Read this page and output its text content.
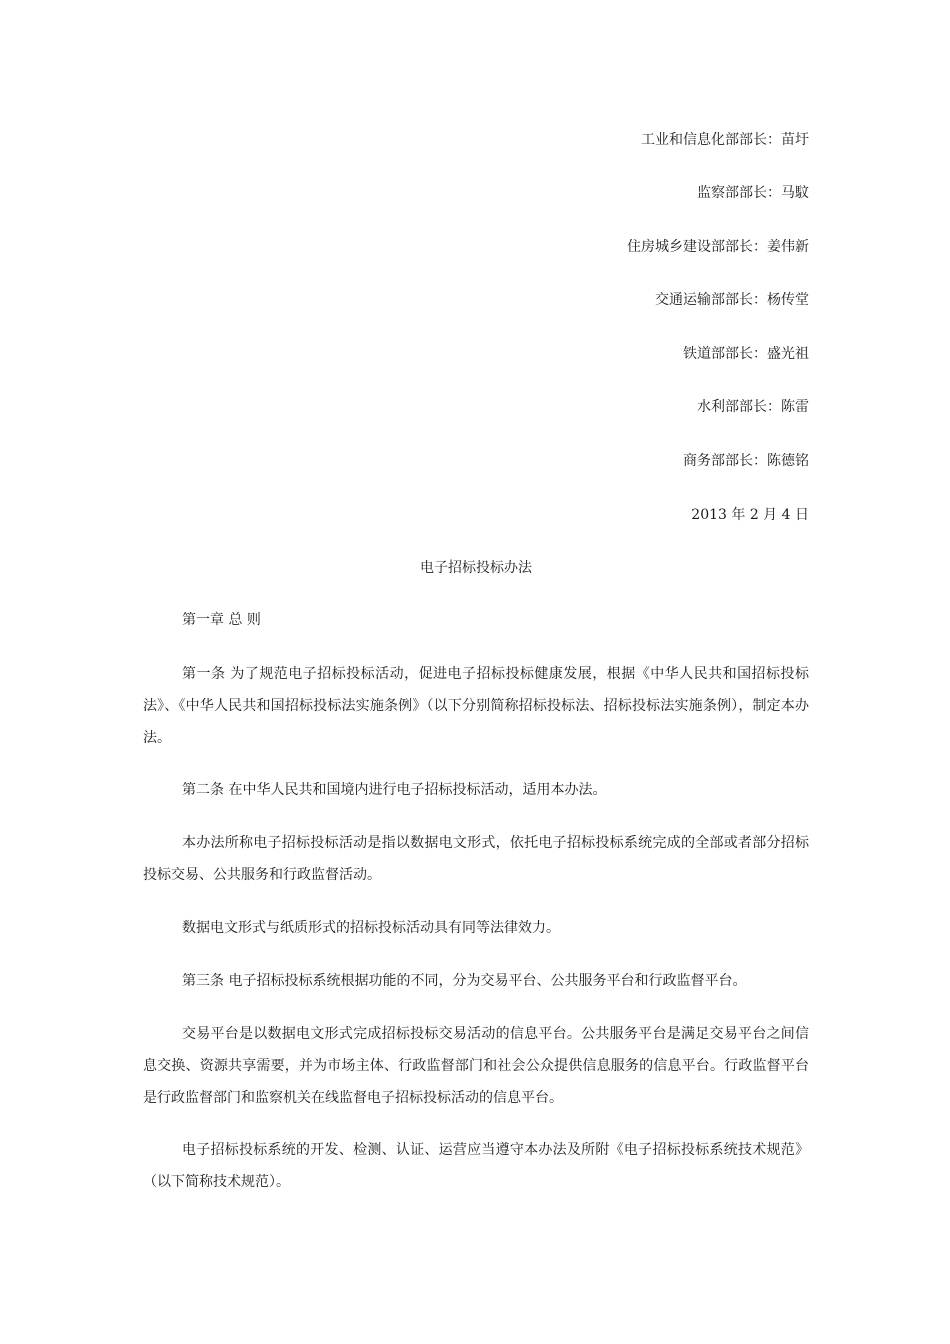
工业和信息化部部长：苗圩
监察部部长：马馼
住房城乡建设部部长：姜伟新
交通运输部部长：杨传堂
铁道部部长：盛光祖
水利部部长：陈雷
商务部部长：陈德铭
2013 年 2 月 4 日
电子招标投标办法

第一章 总 则

第一条 为了规范电子招标投标活动，促进电子招标投标健康发展，根据《中华人民共和国招标投标法》、《中华人民共和国招标投标法实施条例》（以下分别简称招标投标法、招标投标法实施条例），制定本办法。

第二条 在中华人民共和国境内进行电子招标投标活动，适用本办法。

本办法所称电子招标投标活动是指以数据电文形式，依托电子招标投标系统完成的全部或者部分招标投标交易、公共服务和行政监督活动。

数据电文形式与纸质形式的招标投标活动具有同等法律效力。

第三条 电子招标投标系统根据功能的不同，分为交易平台、公共服务平台和行政监督平台。

交易平台是以数据电文形式完成招标投标交易活动的信息平台。公共服务平台是满足交易平台之间信息交换、资源共享需要，并为市场主体、行政监督部门和社会公众提供信息服务的信息平台。行政监督平台是行政监督部门和监察机关在线监督电子招标投标活动的信息平台。

电子招标投标系统的开发、检测、认证、运营应当遵守本办法及所附《电子招标投标系统技术规范》（以下简称技术规范）。
